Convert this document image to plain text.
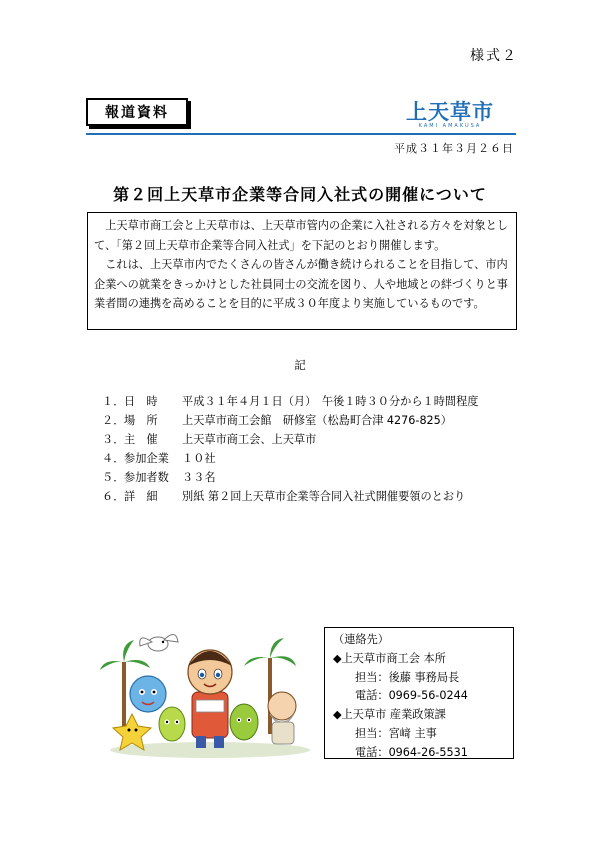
様式２
報道資料	上天草市
KAMI AMAKUSA
平成３１年３月２６日
第２回上天草市企業等合同入社式の開催について

上天草市商工会と上天草市は、上天草市管内の企業に入社される方々を対象として、「第２回上天草市企業等合同入社式」を下記のとおり開催します。

これは、上天草市内でたくさんの皆さんが働き続けられることを目指して、市内企業への就業をきっかけとした社員同士の交流を図り、人や地域との絆づくりと事業者間の連携を高めることを目的に平成３０年度より実施しているものです。

記
１． 日　時	平成３１年４月１日（月）　午後１時３０分から１時間程度
２． 場　所	上天草市商工会館　研修室（松島町合津 4276-825）
３． 主　催	上天草市商工会、上天草市
４． 参加企業	１０社
５． 参加者数	３３名
６． 詳　細	別紙 第２回上天草市企業等合同入社式開催要領のとおり
（連絡先）
◆上天草市商工会 本所
担当：後藤 事務局長
電話：0969-56-0244
◆上天草市 産業政策課
担当：宮﨑 主事
電話：0964-26-5531
